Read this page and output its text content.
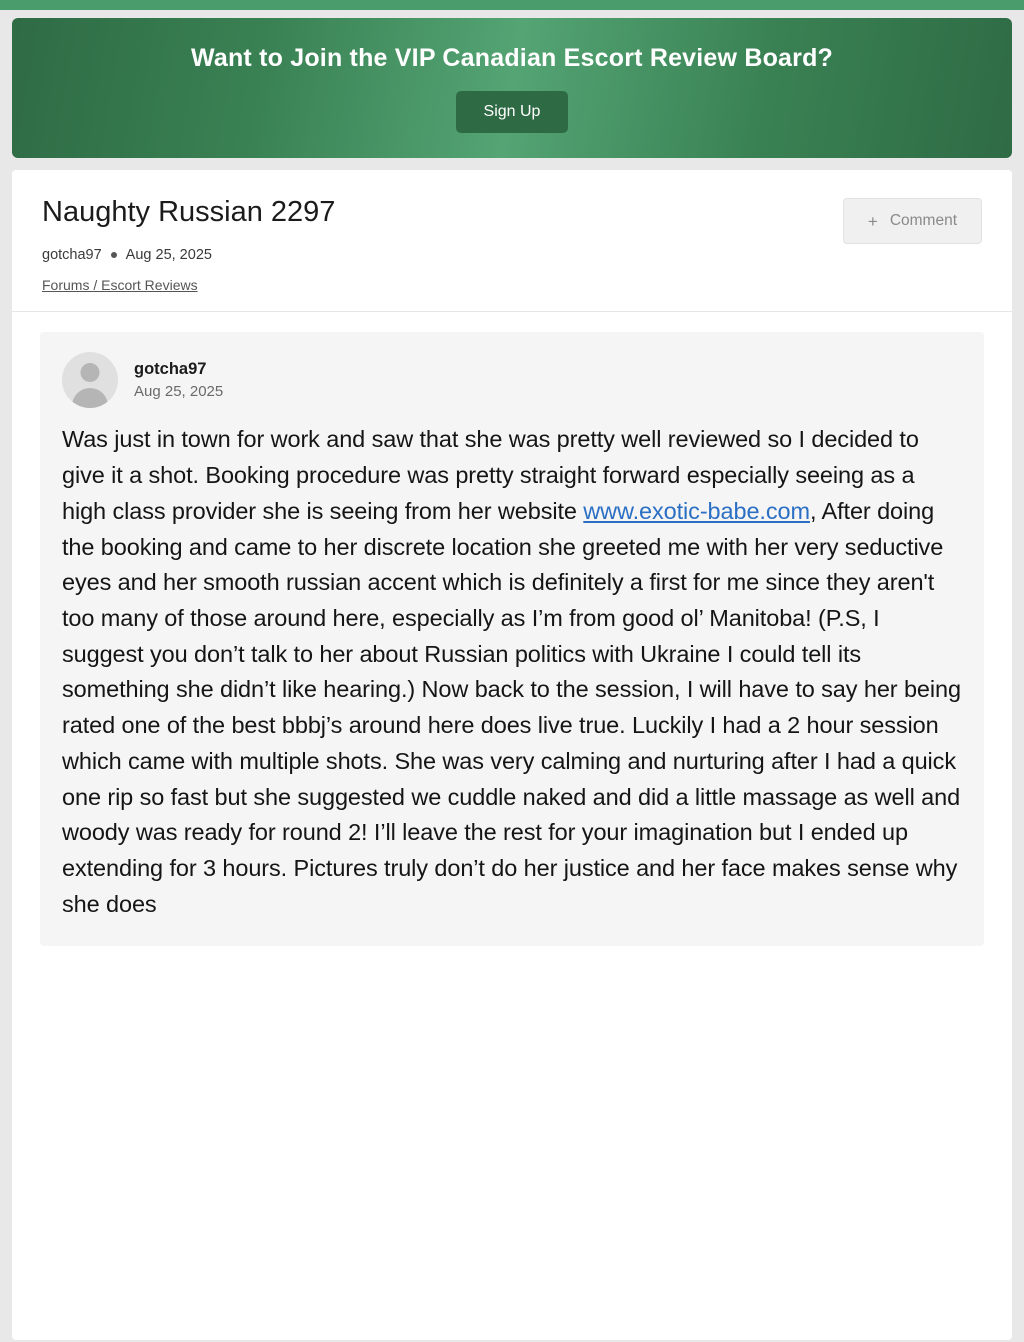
Want to Join the VIP Canadian Escort Review Board?
Sign Up
Naughty Russian 2297
gotcha97 Aug 25, 2025
Forums / Escort Reviews
+ Comment
gotcha97
Aug 25, 2025
Was just in town for work and saw that she was pretty well reviewed so I decided to give it a shot. Booking procedure was pretty straight forward especially seeing as a high class provider she is seeing from her website www.exotic-babe.com, After doing the booking and came to her discrete location she greeted me with her very seductive eyes and her smooth russian accent which is definitely a first for me since they aren't too many of those around here, especially as I’m from good ol’ Manitoba! (P.S, I suggest you don’t talk to her about Russian politics with Ukraine I could tell its something she didn’t like hearing.) Now back to the session, I will have to say her being rated one of the best bbbj’s around here does live true. Luckily I had a 2 hour session which came with multiple shots. She was very calming and nurturing after I had a quick one rip so fast but she suggested we cuddle naked and did a little massage as well and woody was ready for round 2! I’ll leave the rest for your imagination but I ended up extending for 3 hours. Pictures truly don’t do her justice and her face makes sense why she does
